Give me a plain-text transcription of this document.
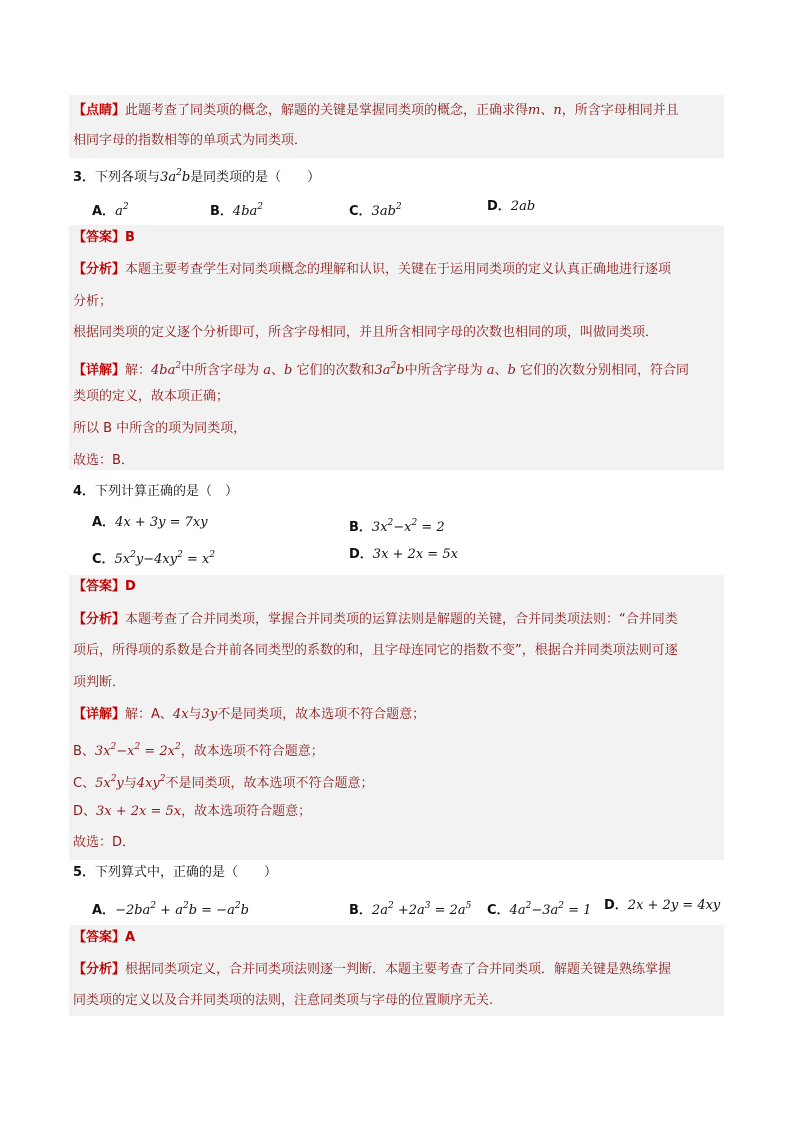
【点睛】此题考查了同类项的概念，解题的关键是掌握同类项的概念，正确求得m、n，所含字母相同并且
相同字母的指数相等的单项式为同类项．
3．下列各项与$3a^2b$是同类项的是（　　）
A．$a^2$	B．$4ba^2$	C．$3ab^2$	D．2ab
【答案】B
【分析】本题主要考查学生对同类项概念的理解和认识，关键在于运用同类项的定义认真正确地进行逐项
分析；
根据同类项的定义逐个分析即可，所含字母相同，并且所含相同字母的次数也相同的项，叫做同类项．
【详解】解：$4ba^2$中所含字母为 a、b 它们的次数和$3a^2b$中所含字母为 a、b 它们的次数分别相同，符合同
类项的定义，故本项正确；
所以 B 中所含的项为同类项，
故选：B．
4．下列计算正确的是（　）
A．4x + 3y = 7xy	B．$3x^2-x^2 = 2$
C．$5x^2y-4xy^2 = x^2$	D．3x + 2x = 5x
【答案】D
【分析】本题考查了合并同类项，掌握合并同类项的运算法则是解题的关键，合并同类项法则：“合并同类
项后，所得项的系数是合并前各同类型的系数的和，且字母连同它的指数不变”，根据合并同类项法则可逐
项判断．
【详解】解：A、4x与3y不是同类项，故本选项不符合题意；
B、$3x^2-x^2 = 2x^2$，故本选项不符合题意；
C、$5x^2y$与$4xy^2$不是同类项，故本选项不符合题意；
D、3x + 2x = 5x，故本选项符合题意；
故选：D．
5．下列算式中，正确的是（　　）
A．$-2ba^2 + a^2b = -a^2b$	B．$2a^2 +2a^3 = 2a^5$ C．$4a^2-3a^2 = 1$ D．2x + 2y = 4xy
【答案】A
【分析】根据同类项定义，合并同类项法则逐一判断．本题主要考查了合并同类项．解题关键是熟练掌握
同类项的定义以及合并同类项的法则，注意同类项与字母的位置顺序无关.
